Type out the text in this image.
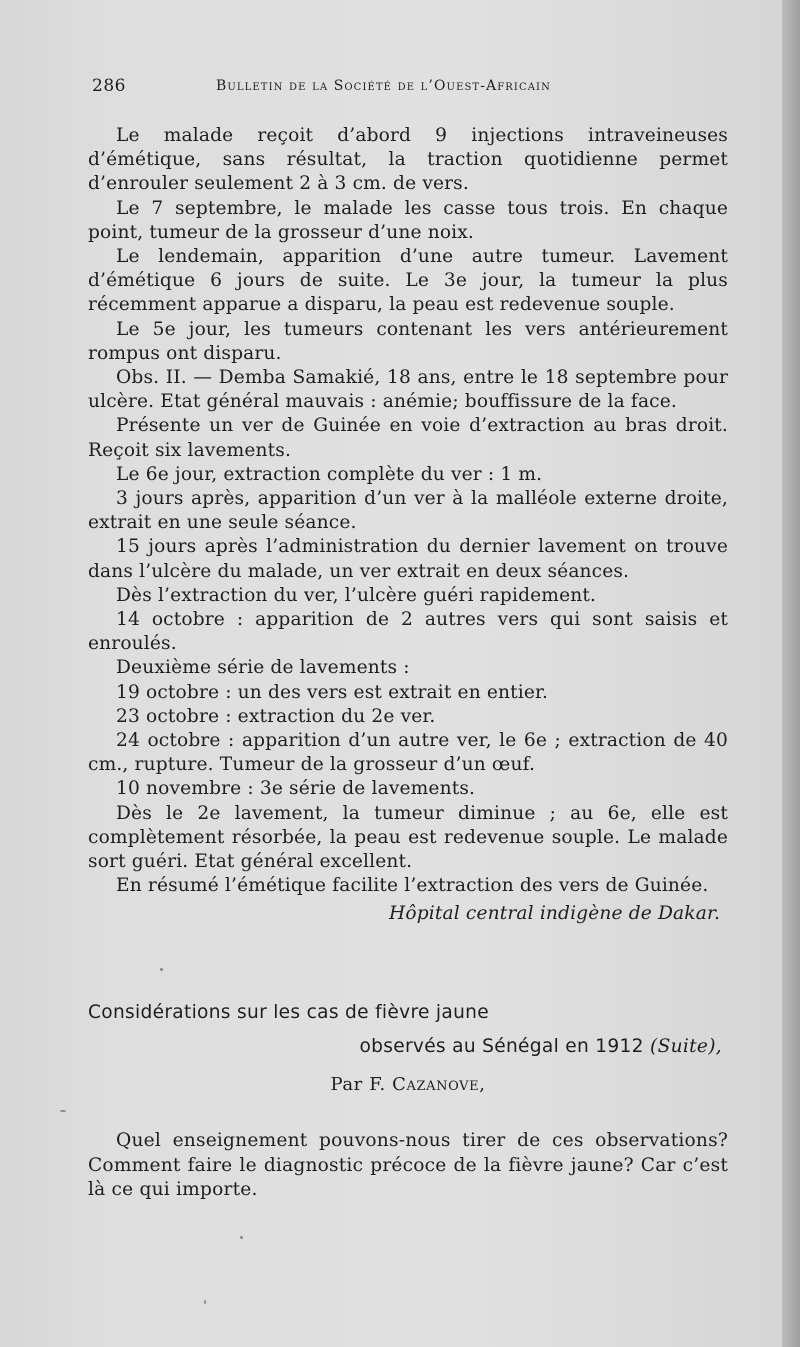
286	Bulletin de la Société de l’Ouest-Africain

Le malade reçoit d’abord 9 injections intraveineuses d’émétique, sans résultat, la traction quotidienne permet d’enrouler seulement 2 à 3 cm. de vers.

Le 7 septembre, le malade les casse tous trois. En chaque point, tumeur de la grosseur d’une noix.

Le lendemain, apparition d’une autre tumeur. Lavement d’émétique 6 jours de suite. Le 3e jour, la tumeur la plus récemment apparue a disparu, la peau est redevenue souple.

Le 5e jour, les tumeurs contenant les vers antérieurement rompus ont disparu.

Obs. II. — Demba Samakié, 18 ans, entre le 18 septembre pour ulcère. Etat général mauvais : anémie; bouffissure de la face.

Présente un ver de Guinée en voie d’extraction au bras droit. Reçoit six lavements.

Le 6e jour, extraction complète du ver : 1 m.

3 jours après, apparition d’un ver à la malléole externe droite, extrait en une seule séance.

15 jours après l’administration du dernier lavement on trouve dans l’ulcère du malade, un ver extrait en deux séances.

Dès l’extraction du ver, l’ulcère guéri rapidement.

14 octobre : apparition de 2 autres vers qui sont saisis et enroulés.

Deuxième série de lavements :

19 octobre : un des vers est extrait en entier.

23 octobre : extraction du 2e ver.

24 octobre : apparition d’un autre ver, le 6e ; extraction de 40 cm., rupture. Tumeur de la grosseur d’un œuf.

10 novembre : 3e série de lavements.

Dès le 2e lavement, la tumeur diminue ; au 6e, elle est complètement résorbée, la peau est redevenue souple. Le malade sort guéri. Etat général excellent.

En résumé l’émétique facilite l’extraction des vers de Guinée.

Hôpital central indigène de Dakar.
Considérations sur les cas de fièvre jaune
observés au Sénégal en 1912 (Suite),
Par F. Cazanove,

Quel enseignement pouvons-nous tirer de ces observations? Comment faire le diagnostic précoce de la fièvre jaune? Car c’est là ce qui importe.
